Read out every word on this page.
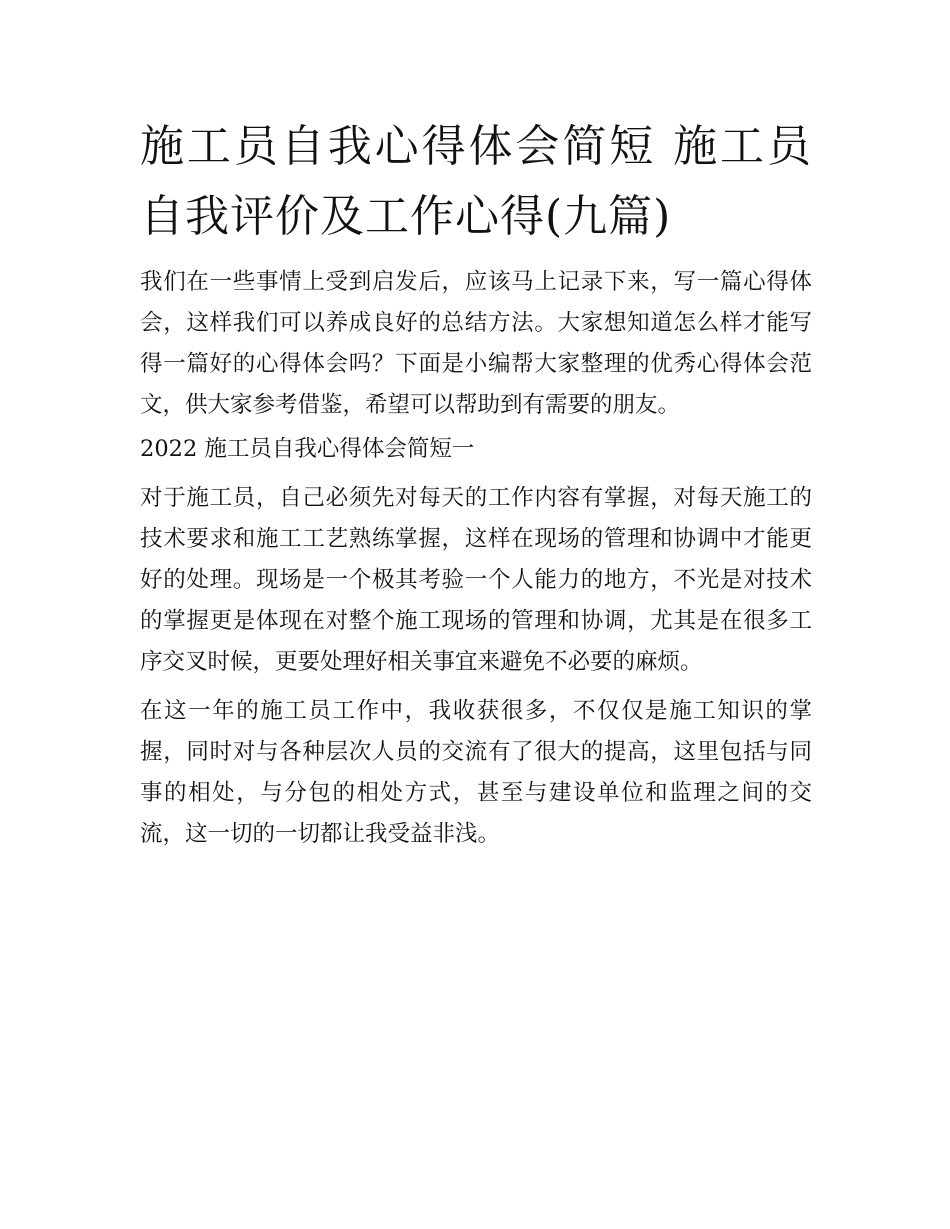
施工员自我心得体会简短 施工员自我评价及工作心得(九篇)

我们在一些事情上受到启发后，应该马上记录下来，写一篇心得体会，这样我们可以养成良好的总结方法。大家想知道怎么样才能写得一篇好的心得体会吗？下面是小编帮大家整理的优秀心得体会范文，供大家参考借鉴，希望可以帮助到有需要的朋友。

2022 施工员自我心得体会简短一

对于施工员，自己必须先对每天的工作内容有掌握，对每天施工的技术要求和施工工艺熟练掌握，这样在现场的管理和协调中才能更好的处理。现场是一个极其考验一个人能力的地方，不光是对技术的掌握更是体现在对整个施工现场的管理和协调，尤其是在很多工序交叉时候，更要处理好相关事宜来避免不必要的麻烦。

在这一年的施工员工作中，我收获很多，不仅仅是施工知识的掌握，同时对与各种层次人员的交流有了很大的提高，这里包括与同事的相处，与分包的相处方式，甚至与建设单位和监理之间的交流，这一切的一切都让我受益非浅。
